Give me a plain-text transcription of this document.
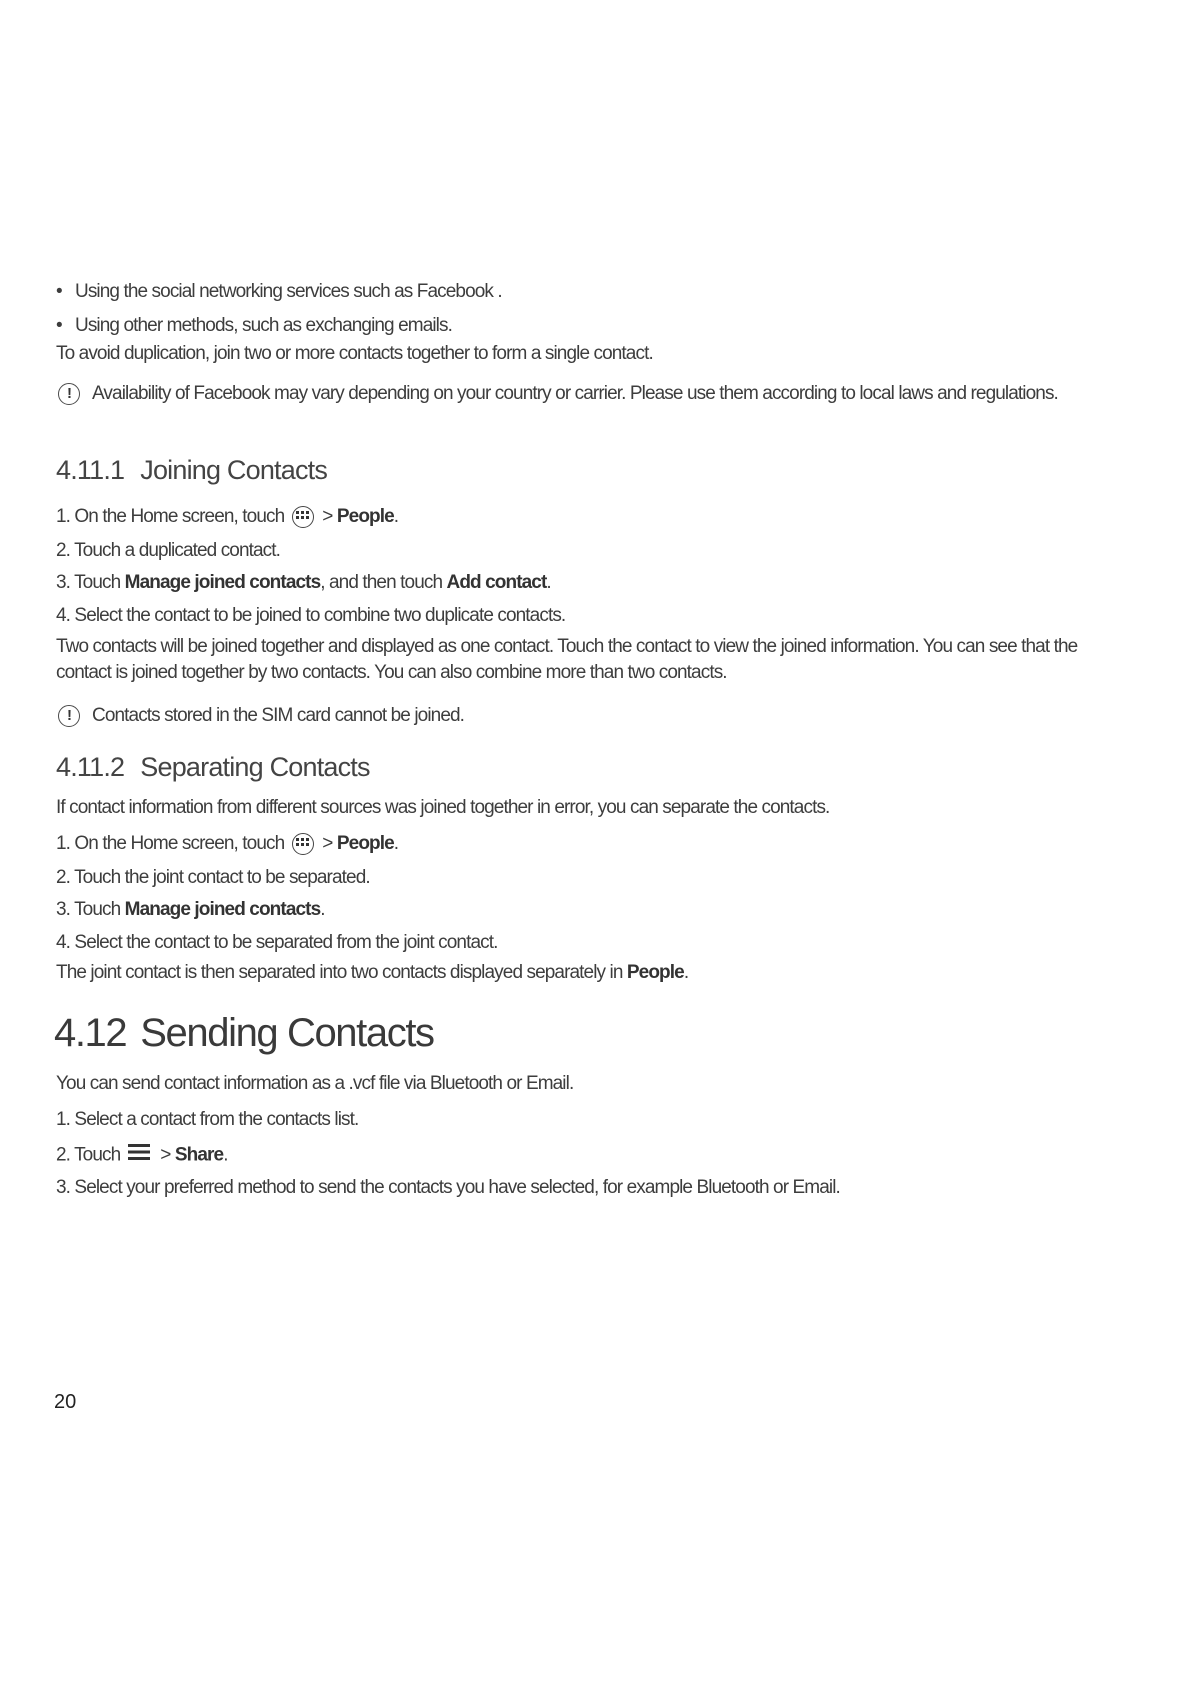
• Using the social networking services such as Facebook .
• Using other methods, such as exchanging emails.
To avoid duplication, join two or more contacts together to form a single contact.
! Availability of Facebook may vary depending on your country or carrier. Please use them according to local laws and regulations.
4.11.1 Joining Contacts
1. On the Home screen, touch > People.
2. Touch a duplicated contact.
3. Touch Manage joined contacts, and then touch Add contact.
4. Select the contact to be joined to combine two duplicate contacts.
Two contacts will be joined together and displayed as one contact. Touch the contact to view the joined information. You can see that the contact is joined together by two contacts. You can also combine more than two contacts.
! Contacts stored in the SIM card cannot be joined.
4.11.2 Separating Contacts
If contact information from different sources was joined together in error, you can separate the contacts.
1. On the Home screen, touch > People.
2. Touch the joint contact to be separated.
3. Touch Manage joined contacts.
4. Select the contact to be separated from the joint contact.
The joint contact is then separated into two contacts displayed separately in People.
4.12 Sending Contacts
You can send contact information as a .vcf file via Bluetooth or Email.
1. Select a contact from the contacts list.
2. Touch > Share.
3. Select your preferred method to send the contacts you have selected, for example Bluetooth or Email.
20
